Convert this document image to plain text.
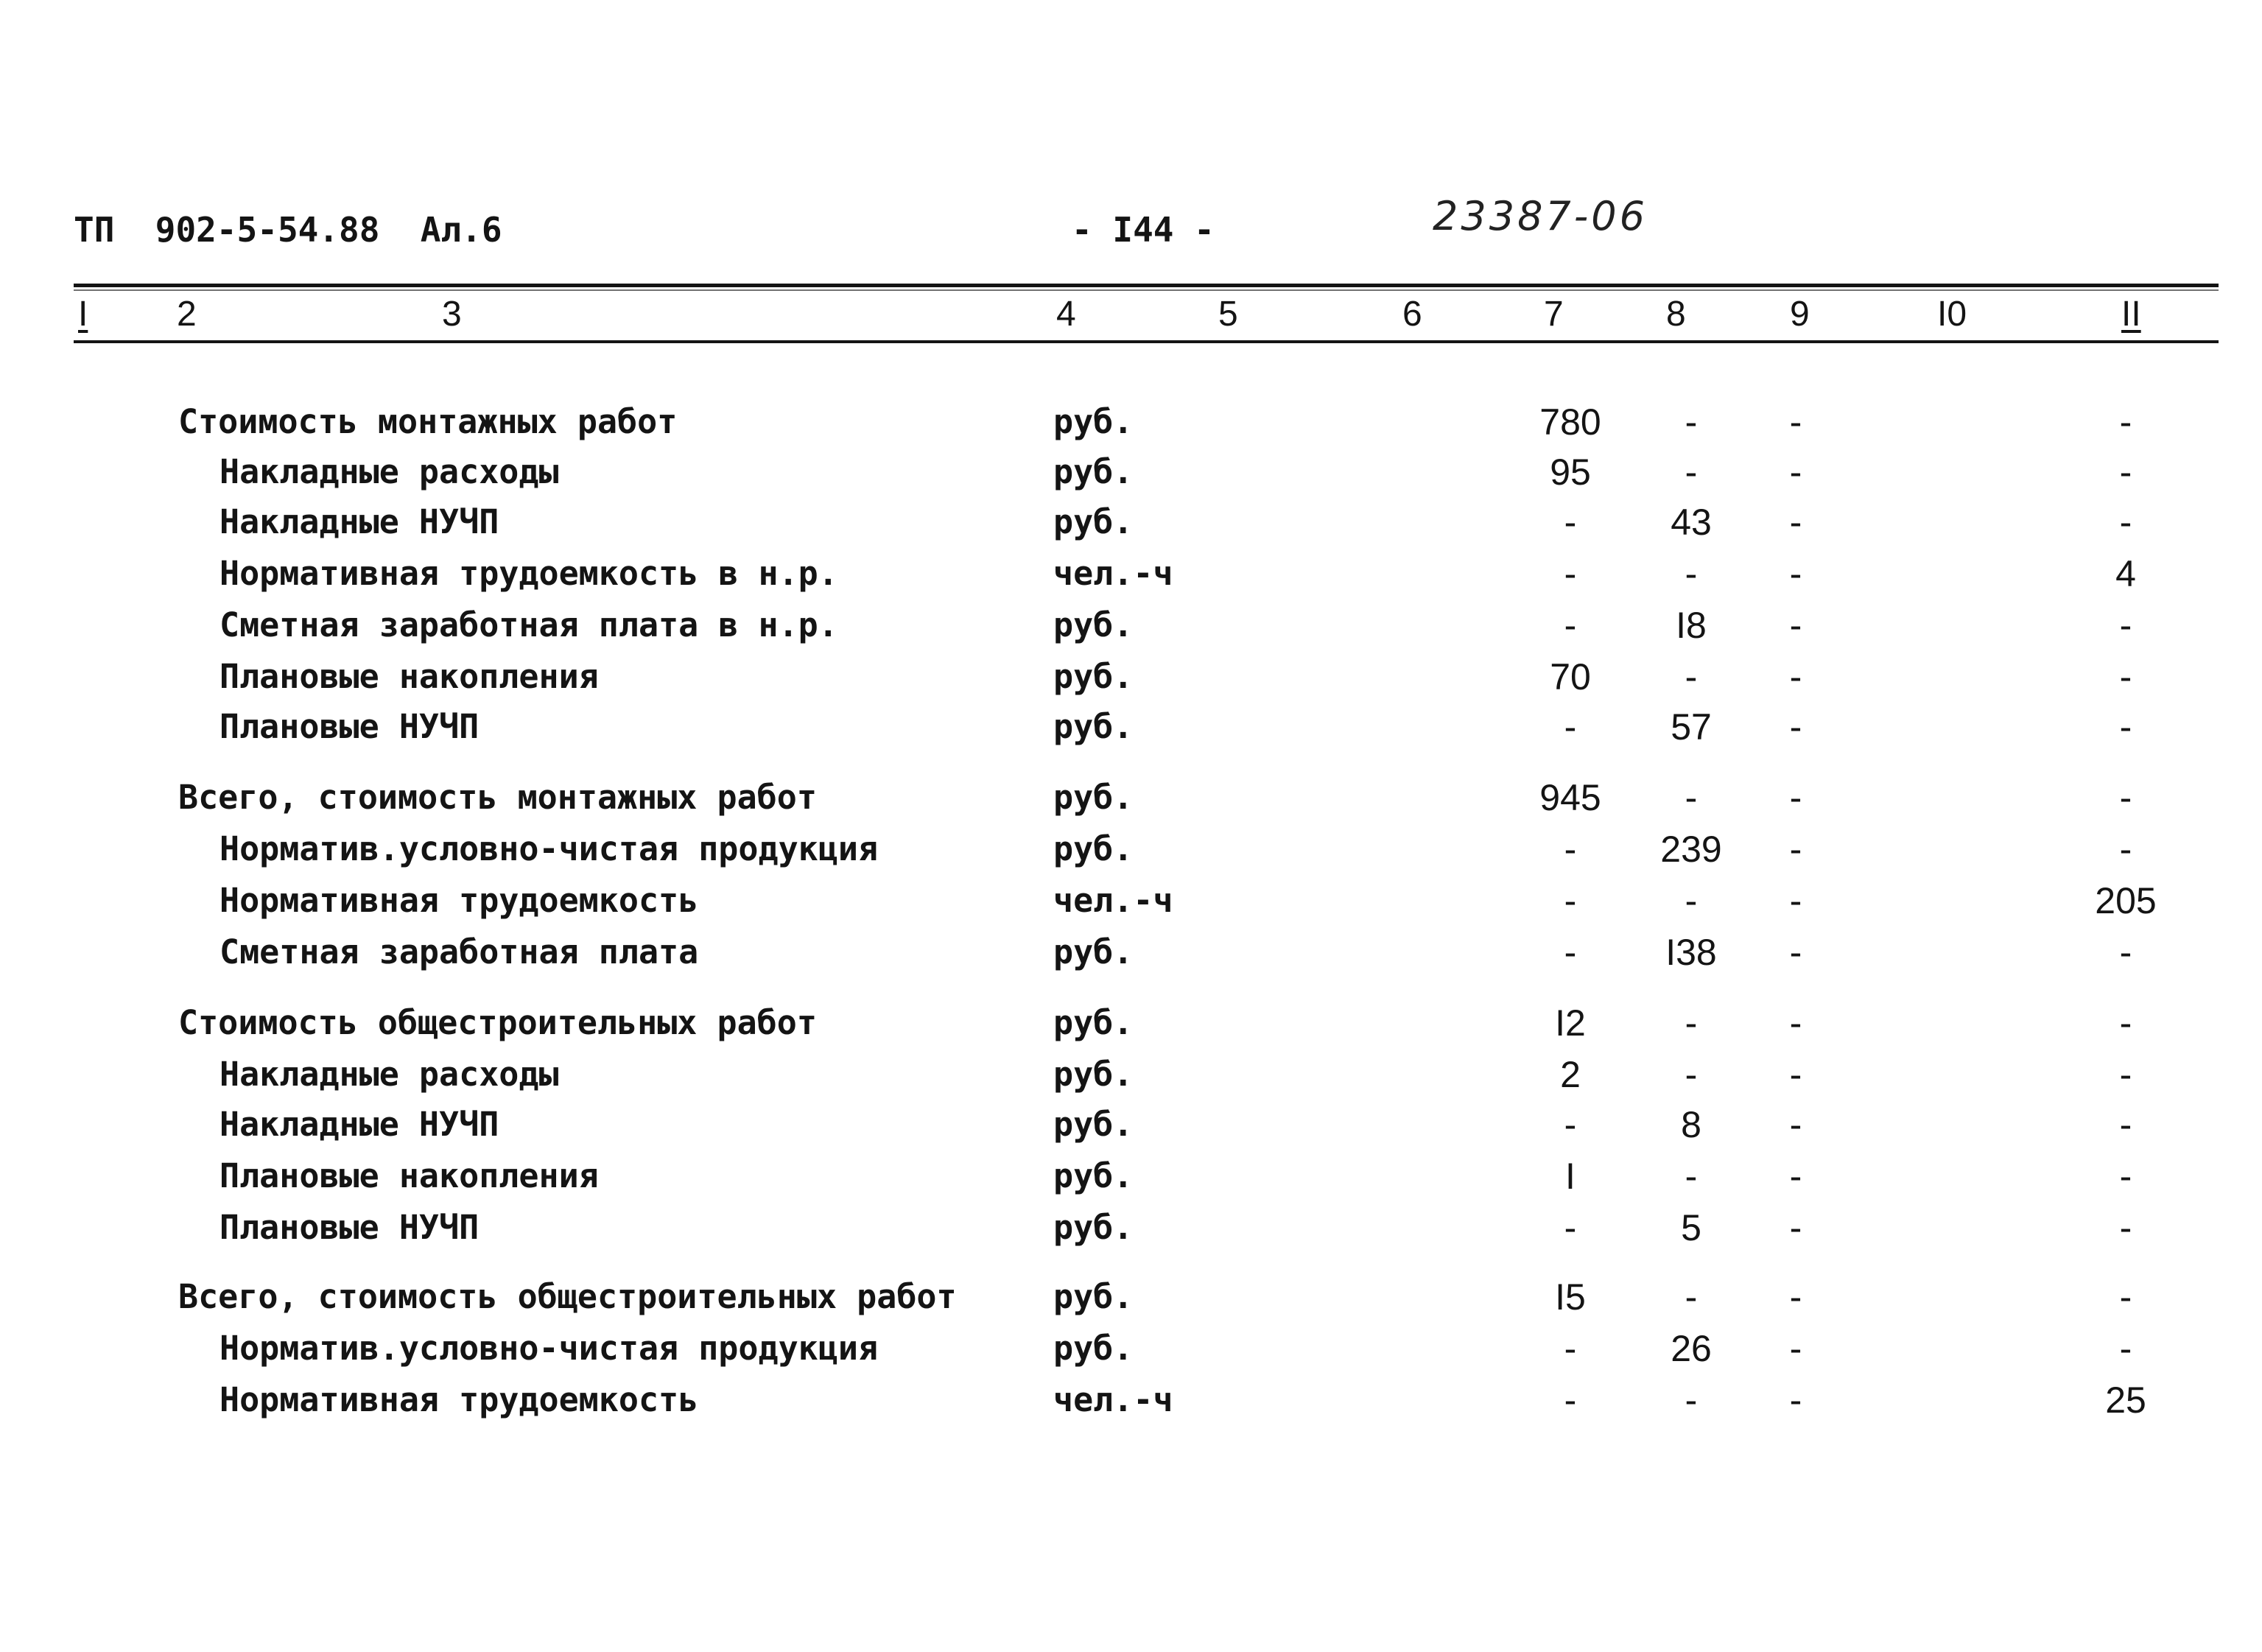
ТП  902-5-54.88  Ал.6	- I44 -	23387-06
I	2	3	4	5	6	7	8	9	I0	II
Стоимость монтажных работ	руб.	780	-	-	-
Накладные расходы	руб.	95	-	-	-
Накладные НУЧП	руб.	-	43	-	-
Нормативная трудоемкость в н.р.	чел.-ч	-	-	-	4
Сметная заработная плата в н.р.	руб.	-	I8	-	-
Плановые накопления	руб.	70	-	-	-
Плановые НУЧП	руб.	-	57	-	-
Всего, стоимость монтажных работ	руб.	945	-	-	-
Норматив.условно-чистая продукция	руб.	-	239	-	-
Нормативная трудоемкость	чел.-ч	-	-	-	205
Сметная заработная плата	руб.	-	I38	-	-
Стоимость общестроительных работ	руб.	I2	-	-	-
Накладные расходы	руб.	2	-	-	-
Накладные НУЧП	руб.	-	8	-	-
Плановые накопления	руб.	I	-	-	-
Плановые НУЧП	руб.	-	5	-	-
Всего, стоимость общестроительных работ	руб.	I5	-	-	-
Норматив.условно-чистая продукция	руб.	-	26	-	-
Нормативная трудоемкость	чел.-ч	-	-	-	25
